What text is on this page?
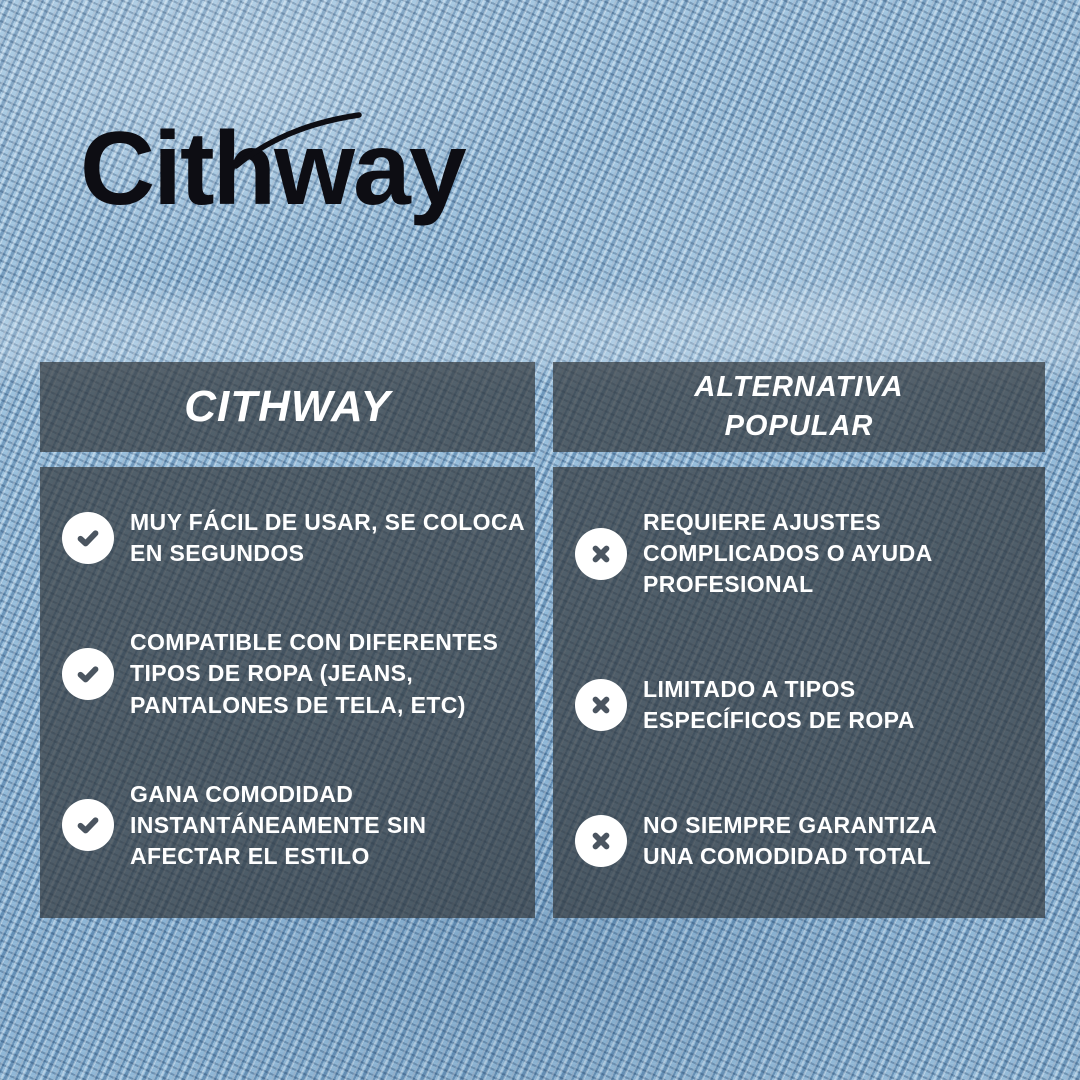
Cithway
CITHWAY	ALTERNATIVA POPULAR
MUY FÁCIL DE USAR, SE COLOCA EN SEGUNDOS
COMPATIBLE CON DIFERENTES TIPOS DE ROPA (JEANS, PANTALONES DE TELA, ETC)
GANA COMODIDAD INSTANTÁNEAMENTE SIN AFECTAR EL ESTILO
REQUIERE AJUSTES COMPLICADOS O AYUDA PROFESIONAL
LIMITADO A TIPOS ESPECÍFICOS DE ROPA
NO SIEMPRE GARANTIZA UNA COMODIDAD TOTAL
